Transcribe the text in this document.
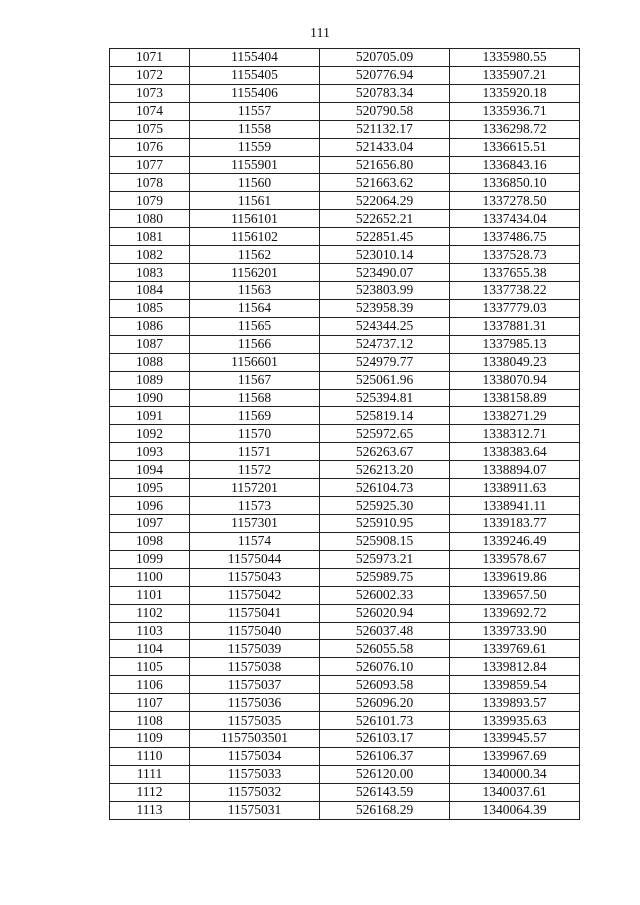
111
1071	1155404	520705.09	1335980.55
1072	1155405	520776.94	1335907.21
1073	1155406	520783.34	1335920.18
1074	11557	520790.58	1335936.71
1075	11558	521132.17	1336298.72
1076	11559	521433.04	1336615.51
1077	1155901	521656.80	1336843.16
1078	11560	521663.62	1336850.10
1079	11561	522064.29	1337278.50
1080	1156101	522652.21	1337434.04
1081	1156102	522851.45	1337486.75
1082	11562	523010.14	1337528.73
1083	1156201	523490.07	1337655.38
1084	11563	523803.99	1337738.22
1085	11564	523958.39	1337779.03
1086	11565	524344.25	1337881.31
1087	11566	524737.12	1337985.13
1088	1156601	524979.77	1338049.23
1089	11567	525061.96	1338070.94
1090	11568	525394.81	1338158.89
1091	11569	525819.14	1338271.29
1092	11570	525972.65	1338312.71
1093	11571	526263.67	1338383.64
1094	11572	526213.20	1338894.07
1095	1157201	526104.73	1338911.63
1096	11573	525925.30	1338941.11
1097	1157301	525910.95	1339183.77
1098	11574	525908.15	1339246.49
1099	11575044	525973.21	1339578.67
1100	11575043	525989.75	1339619.86
1101	11575042	526002.33	1339657.50
1102	11575041	526020.94	1339692.72
1103	11575040	526037.48	1339733.90
1104	11575039	526055.58	1339769.61
1105	11575038	526076.10	1339812.84
1106	11575037	526093.58	1339859.54
1107	11575036	526096.20	1339893.57
1108	11575035	526101.73	1339935.63
1109	1157503501	526103.17	1339945.57
1110	11575034	526106.37	1339967.69
1111	11575033	526120.00	1340000.34
1112	11575032	526143.59	1340037.61
1113	11575031	526168.29	1340064.39
